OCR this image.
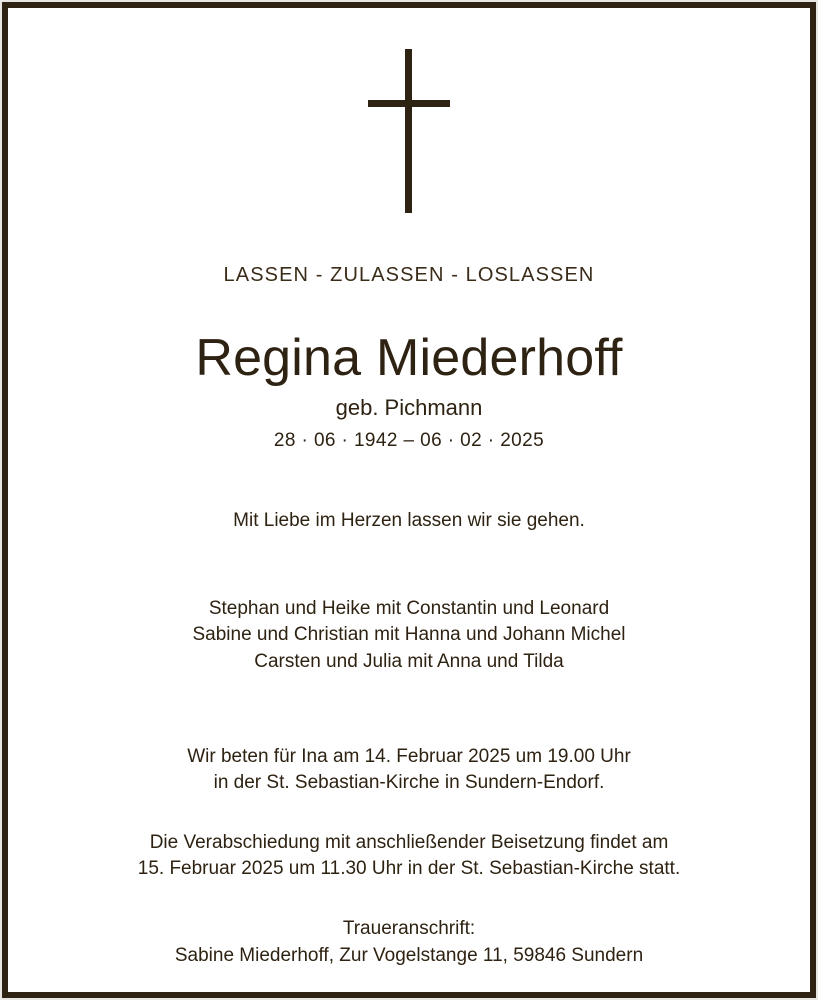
LASSEN - ZULASSEN - LOSLASSEN
Regina Miederhoff
geb. Pichmann
28 · 06 · 1942 – 06 · 02 · 2025
Mit Liebe im Herzen lassen wir sie gehen.
Stephan und Heike mit Constantin und Leonard
Sabine und Christian mit Hanna und Johann Michel
Carsten und Julia mit Anna und Tilda
Wir beten für Ina am 14. Februar 2025 um 19.00 Uhr
in der St. Sebastian-Kirche in Sundern-Endorf.
Die Verabschiedung mit anschließender Beisetzung findet am
15. Februar 2025 um 11.30 Uhr in der St. Sebastian-Kirche statt.
Traueranschrift:
Sabine Miederhoff, Zur Vogelstange 11, 59846 Sundern
